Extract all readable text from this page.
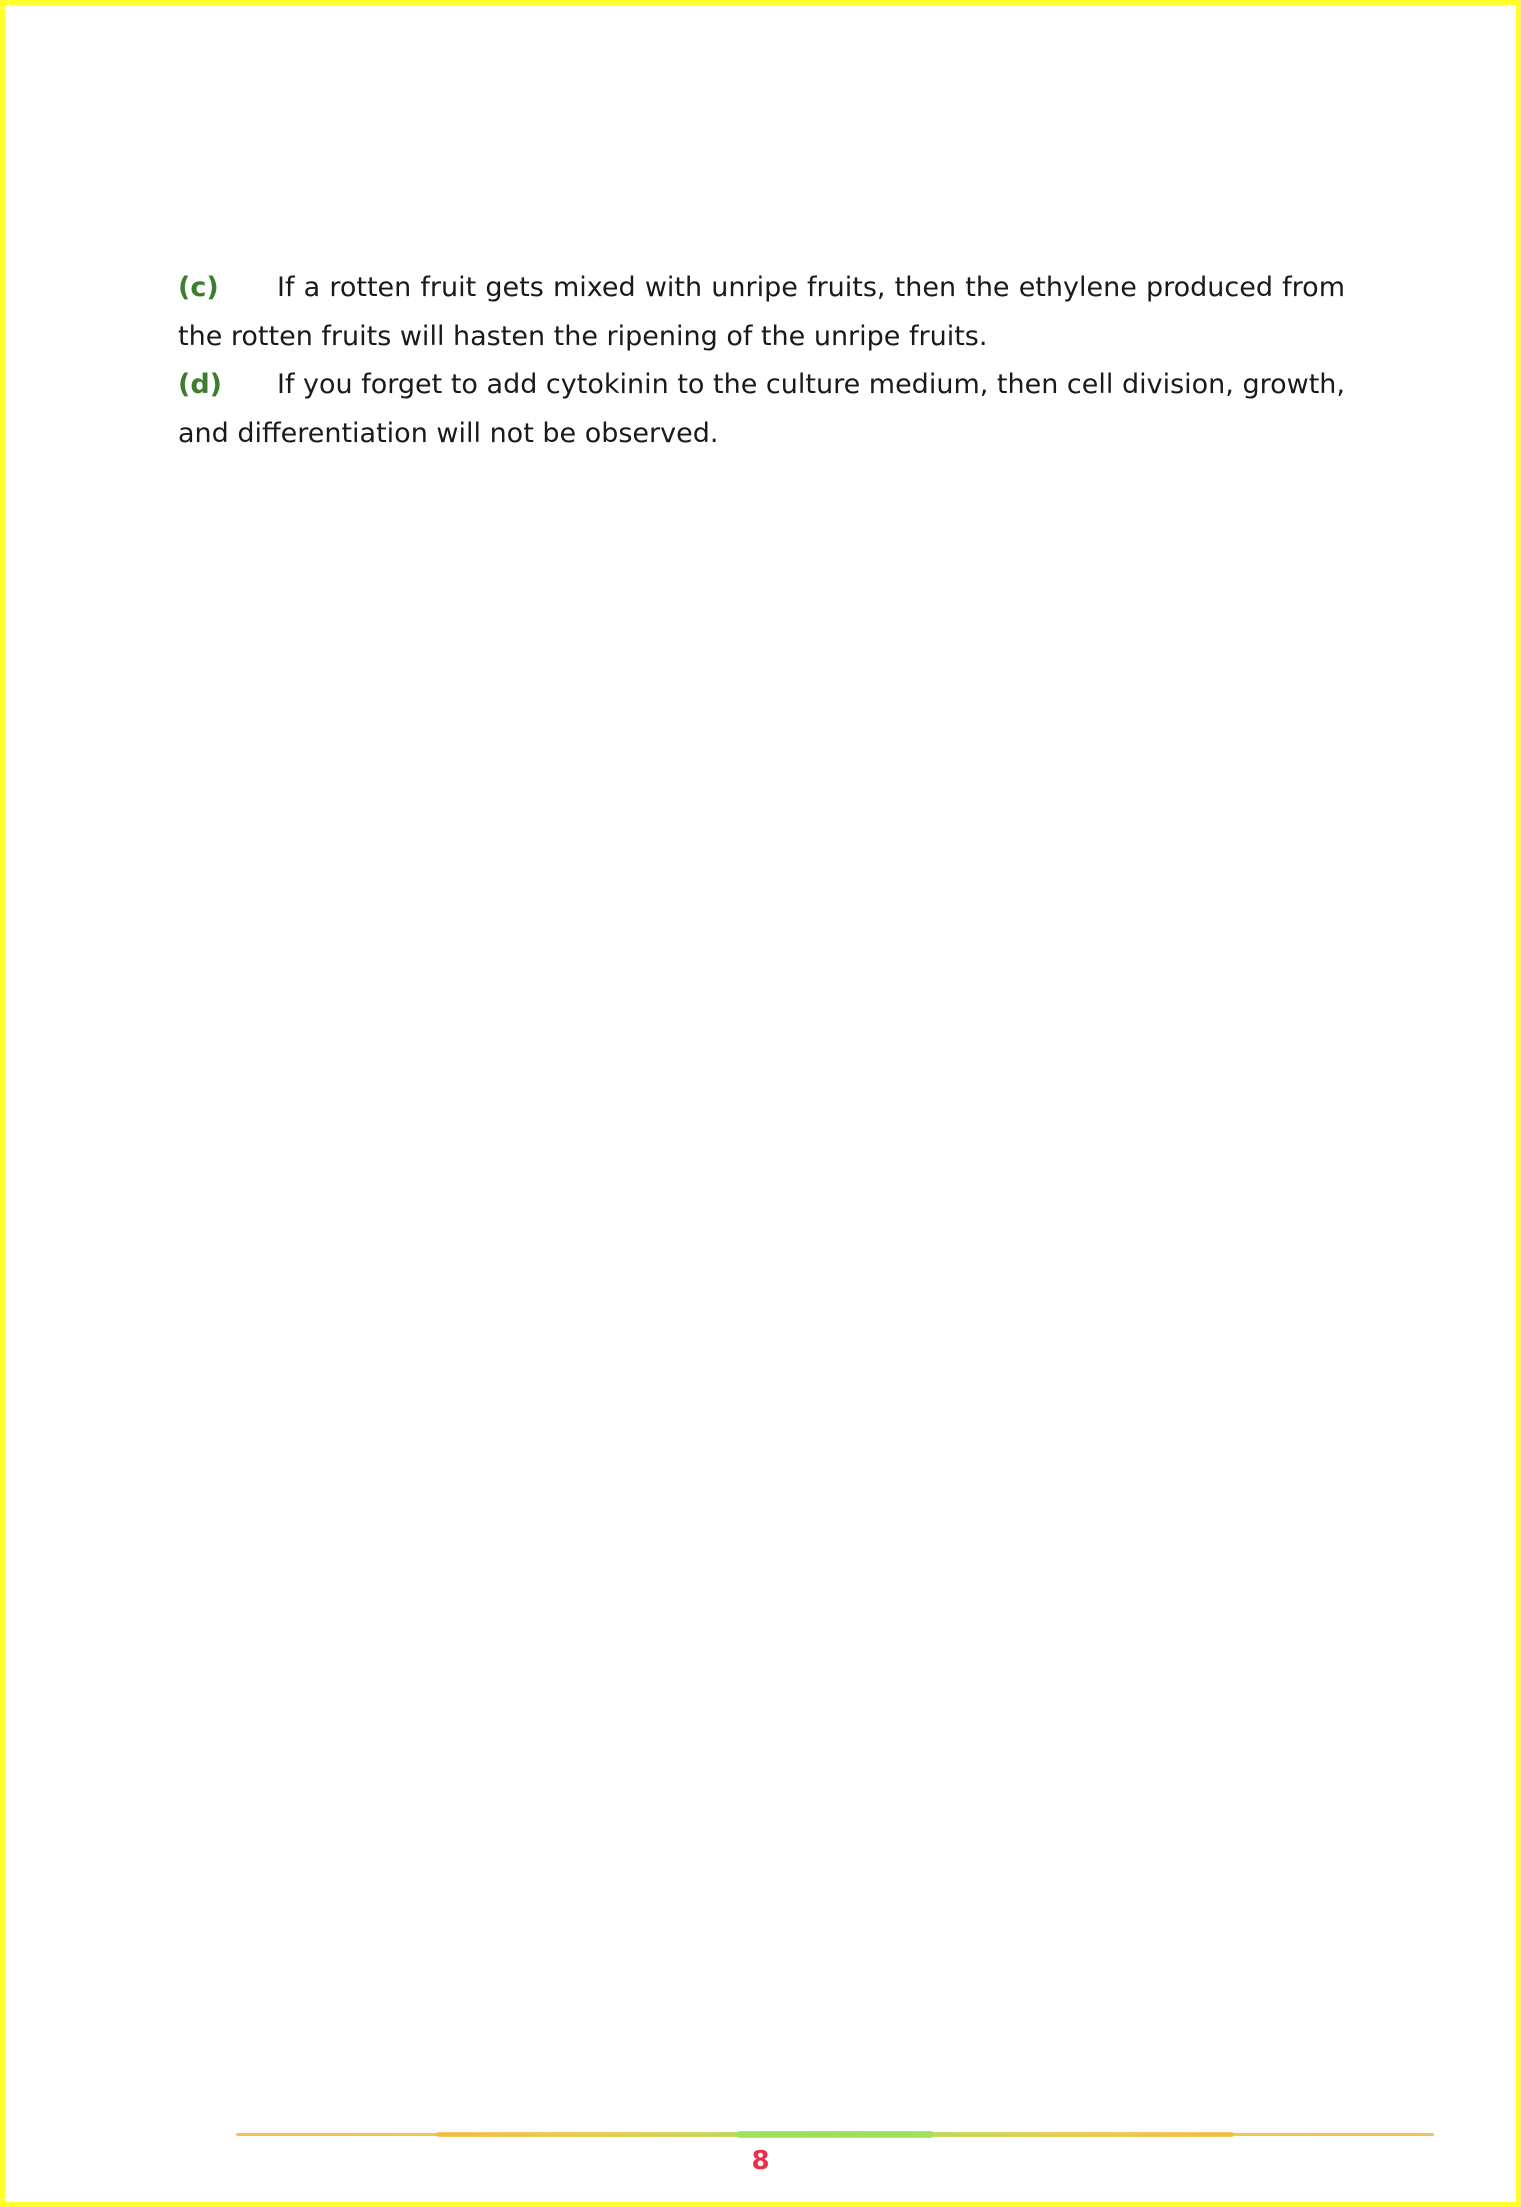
(c) If a rotten fruit gets mixed with unripe fruits, then the ethylene produced from the rotten fruits will hasten the ripening of the unripe fruits.

(d) If you forget to add cytokinin to the culture medium, then cell division, growth, and differentiation will not be observed.

8
